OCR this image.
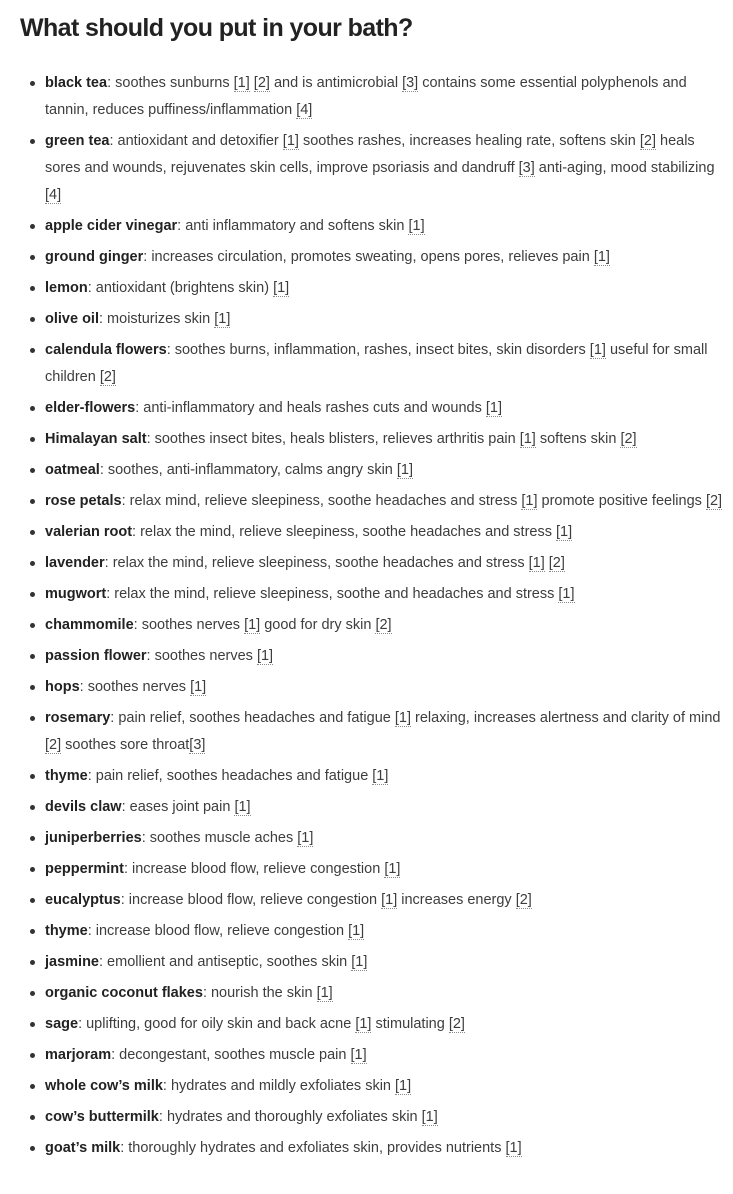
What should you put in your bath?
black tea: soothes sunburns [1] [2] and is antimicrobial [3] contains some essential polyphenols and tannin, reduces puffiness/inflammation [4]
green tea: antioxidant and detoxifier [1] soothes rashes, increases healing rate, softens skin [2] heals sores and wounds, rejuvenates skin cells, improve psoriasis and dandruff [3] anti-aging, mood stabilizing [4]
apple cider vinegar: anti inflammatory and softens skin [1]
ground ginger: increases circulation, promotes sweating, opens pores, relieves pain [1]
lemon: antioxidant (brightens skin) [1]
olive oil: moisturizes skin [1]
calendula flowers: soothes burns, inflammation, rashes, insect bites, skin disorders [1] useful for small children [2]
elder-flowers: anti-inflammatory and heals rashes cuts and wounds [1]
Himalayan salt: soothes insect bites, heals blisters, relieves arthritis pain [1] softens skin [2]
oatmeal: soothes, anti-inflammatory, calms angry skin [1]
rose petals: relax mind, relieve sleepiness, soothe headaches and stress [1] promote positive feelings [2]
valerian root: relax the mind, relieve sleepiness, soothe headaches and stress [1]
lavender: relax the mind, relieve sleepiness, soothe headaches and stress [1] [2]
mugwort: relax the mind, relieve sleepiness, soothe and headaches and stress [1]
chammomile: soothes nerves [1] good for dry skin [2]
passion flower: soothes nerves [1]
hops: soothes nerves [1]
rosemary: pain relief, soothes headaches and fatigue [1] relaxing, increases alertness and clarity of mind [2] soothes sore throat[3]
thyme: pain relief, soothes headaches and fatigue [1]
devils claw: eases joint pain [1]
juniperberries: soothes muscle aches [1]
peppermint: increase blood flow, relieve congestion [1]
eucalyptus: increase blood flow, relieve congestion [1] increases energy [2]
thyme: increase blood flow, relieve congestion [1]
jasmine: emollient and antiseptic, soothes skin [1]
organic coconut flakes: nourish the skin [1]
sage: uplifting, good for oily skin and back acne [1] stimulating [2]
marjoram: decongestant, soothes muscle pain [1]
whole cow’s milk: hydrates and mildly exfoliates skin [1]
cow’s buttermilk: hydrates and thoroughly exfoliates skin [1]
goat’s milk: thoroughly hydrates and exfoliates skin, provides nutrients [1]
